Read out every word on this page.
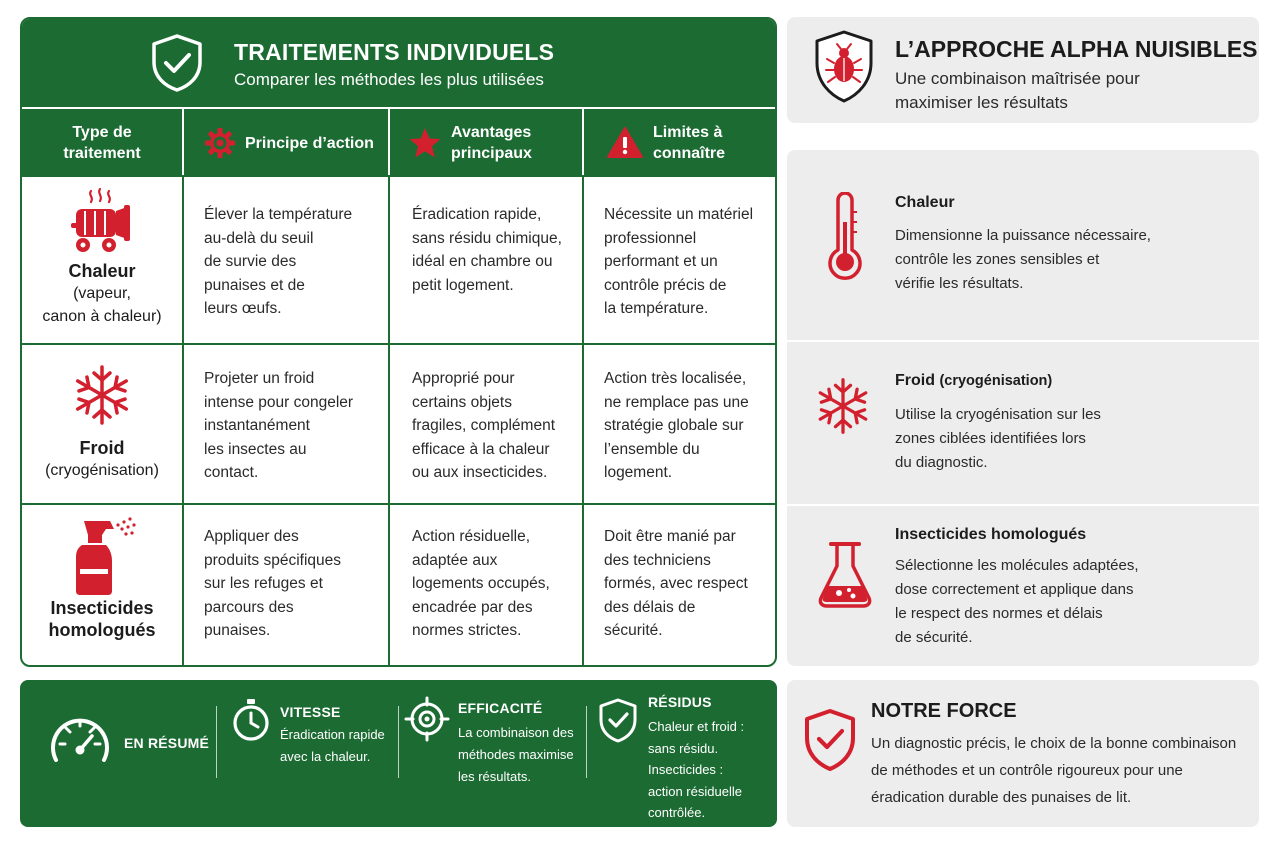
TRAITEMENTS INDIVIDUELS
Comparer les méthodes les plus utilisées
Type de
traitement
Principe d’action
Avantages
principaux
Limites à
connaître
Chaleur
(vapeur,
canon à chaleur)
Élever la température
au-delà du seuil
de survie des
punaises et de
leurs œufs.
Éradication rapide,
sans résidu chimique,
idéal en chambre ou
petit logement.
Nécessite un matériel
professionnel
performant et un
contrôle précis de
la température.
Froid
(cryogénisation)
Projeter un froid
intense pour congeler
instantanément
les insectes au
contact.
Approprié pour
certains objets
fragiles, complément
efficace à la chaleur
ou aux insecticides.
Action très localisée,
ne remplace pas une
stratégie globale sur
l’ensemble du
logement.
Insecticides
homologués
Appliquer des
produits spécifiques
sur les refuges et
parcours des
punaises.
Action résiduelle,
adaptée aux
logements occupés,
encadrée par des
normes strictes.
Doit être manié par
des techniciens
formés, avec respect
des délais de
sécurité.
EN RÉSUMÉ
VITESSE
Éradication rapide
avec la chaleur.
EFFICACITÉ
La combinaison des
méthodes maximise
les résultats.
RÉSIDUS
Chaleur et froid :
sans résidu.
Insecticides :
action résiduelle
contrôlée.
L’APPROCHE ALPHA NUISIBLES
Une combinaison maîtrisée pour
maximiser les résultats
Chaleur
Dimensionne la puissance nécessaire,
contrôle les zones sensibles et
vérifie les résultats.
Froid (cryogénisation)
Utilise la cryogénisation sur les
zones ciblées identifiées lors
du diagnostic.
Insecticides homologués
Sélectionne les molécules adaptées,
dose correctement et applique dans
le respect des normes et délais
de sécurité.
NOTRE FORCE
Un diagnostic précis, le choix de la bonne combinaison
de méthodes et un contrôle rigoureux pour une
éradication durable des punaises de lit.
